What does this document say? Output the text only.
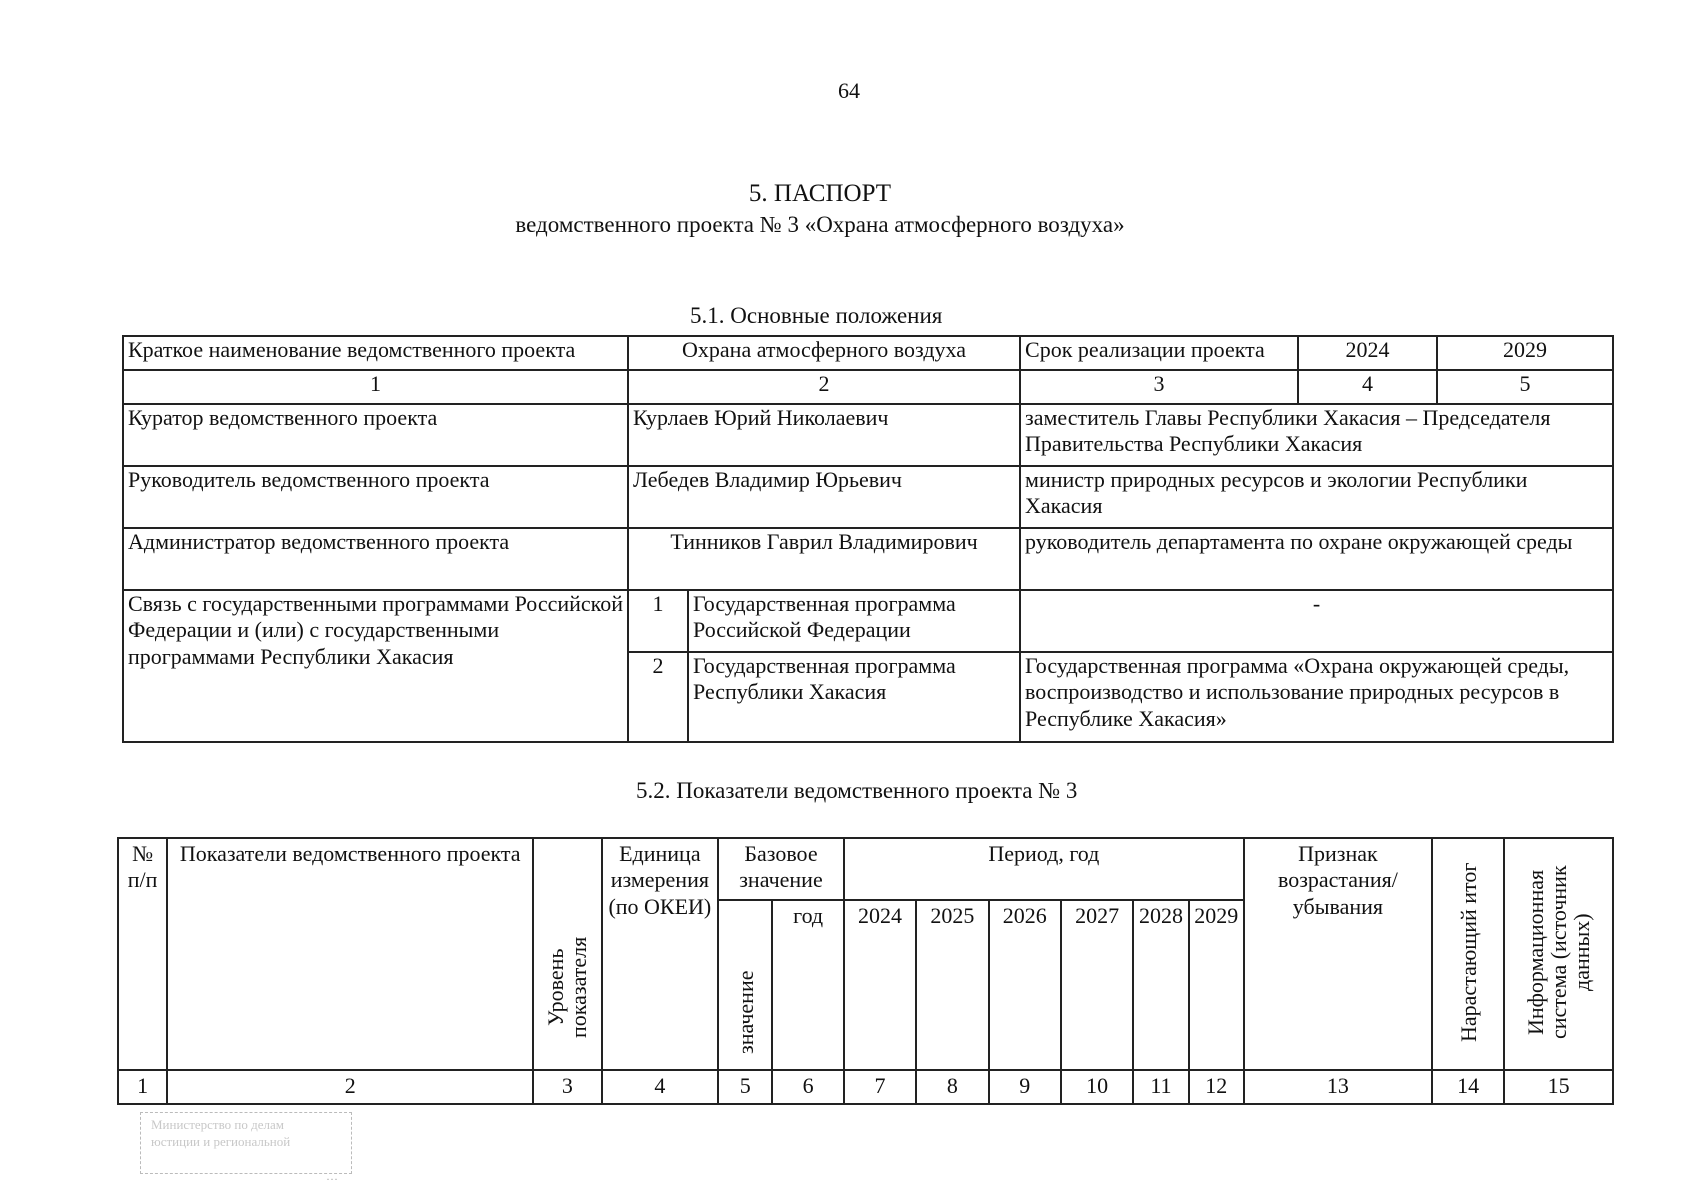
64
5. ПАСПОРТ
ведомственного проекта № 3 «Охрана атмосферного воздуха»
5.1. Основные положения
Краткое наименование ведомственного проекта	Охрана атмосферного воздуха		Срок реализации проекта	2024	2029
1	2		3	4	5
Куратор ведомственного проекта	Курлаев Юрий Николаевич		заместитель Главы Республики Хакасия – Председателя Правительства Республики Хакасия		
Руководитель ведомственного проекта	Лебедев Владимир Юрьевич		министр природных ресурсов и экологии Республики Хакасия		
Администратор ведомственного проекта	Тинников Гаврил Владимирович		руководитель департамента по охране окружающей среды		
Связь с государственными программами Российской Федерации и (или) с государственными программами Республики Хакасия	1	Государственная программа Российской Федерации	-		
	2	Государственная программа Республики Хакасия	Государственная программа «Охрана окружающей среды, воспроизводство и использование природных ресурсов в Республике Хакасия»		
5.2. Показатели ведомственного проекта № 3
№ п/п	Показатели ведомственного проекта	Уровень показателя	Единица измерения (по ОКЕИ)	Базовое значение		Период, год						Признак возрастания/ убывания	Нарастающий итог	Информационная система (источник данных)
				значение	год	2024	2025	2026	2027	2028	2029			
1	2	3	4	5	6	7	8	9	10	11	12	13	14	15
Министерство по делам
юстиции и региональной
···
